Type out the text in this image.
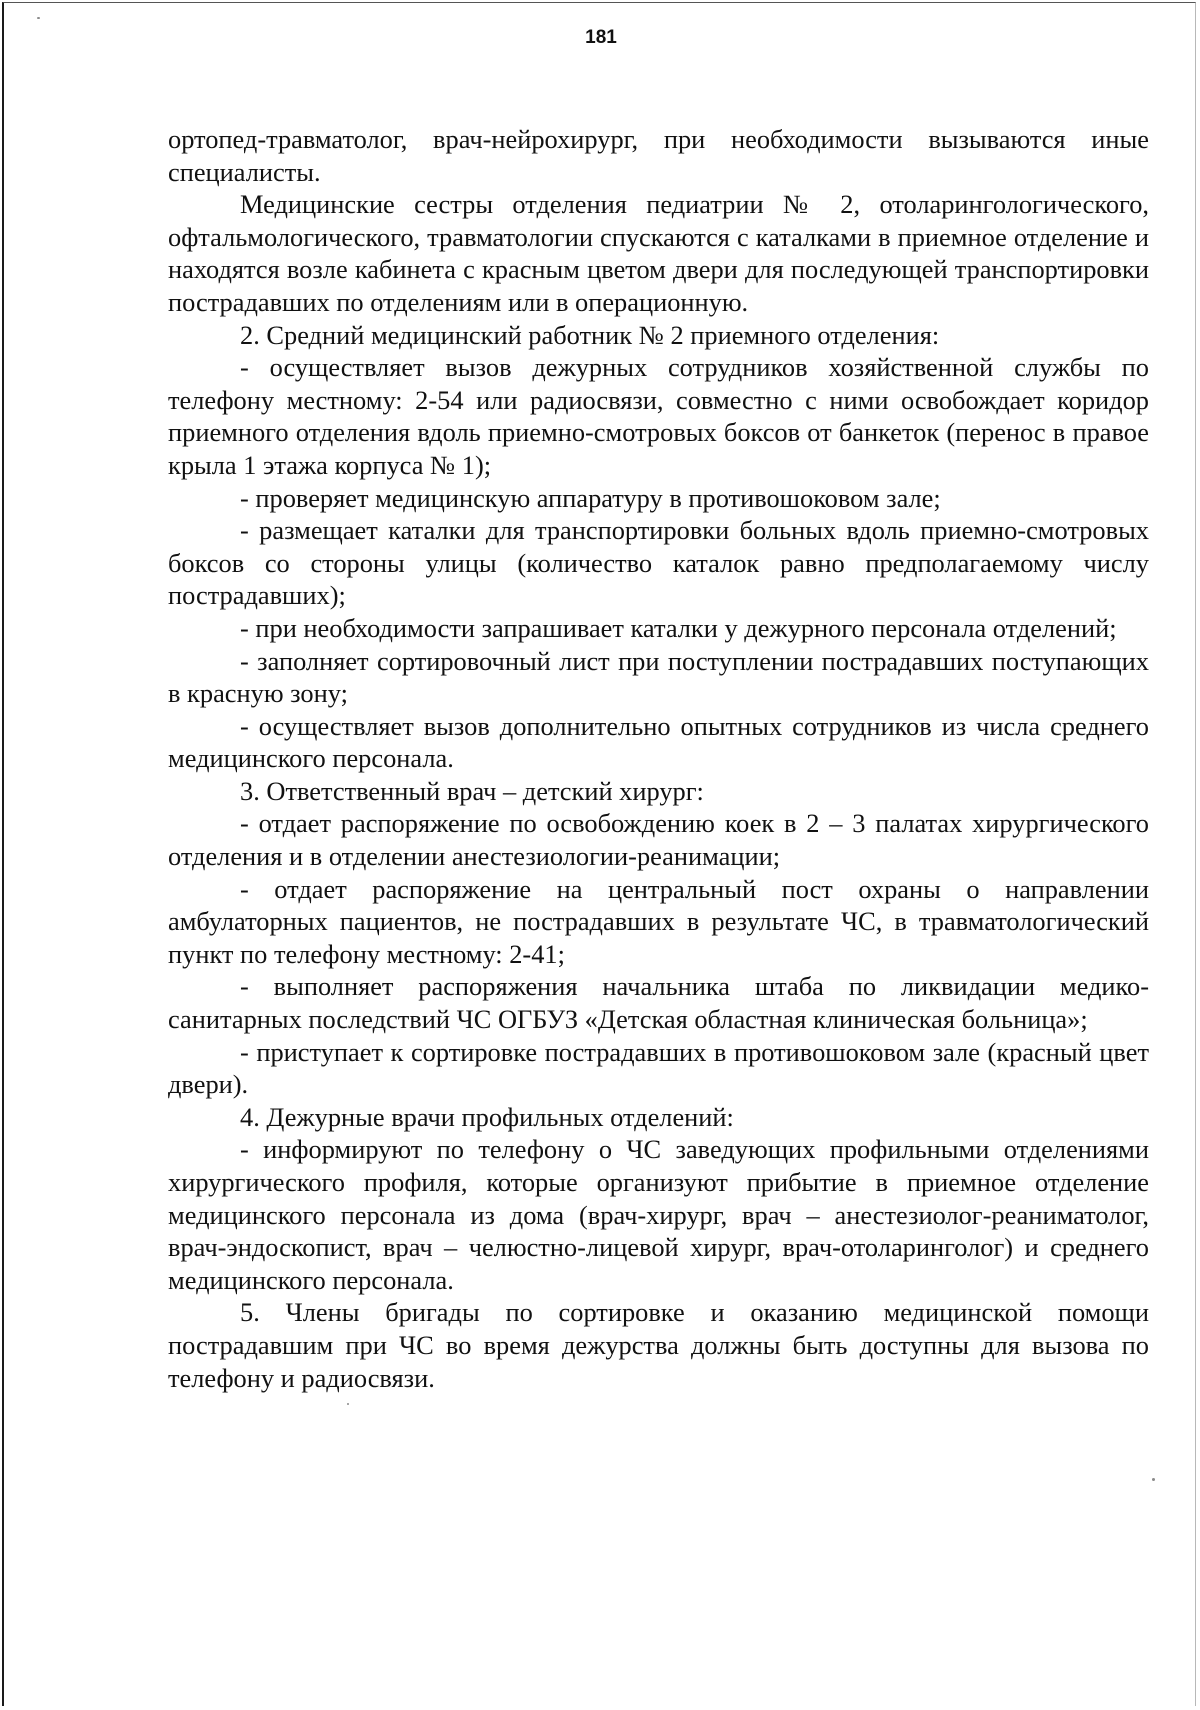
181

ортопед-травматолог, врач-нейрохирург, при необходимости вызываются иные специалисты.

Медицинские сестры отделения педиатрии № 2, отоларингологического, офтальмологического, травматологии спускаются с каталками в приемное отделение и находятся возле кабинета с красным цветом двери для последующей транспортировки пострадавших по отделениям или в операционную.

2. Средний медицинский работник № 2 приемного отделения:

- осуществляет вызов дежурных сотрудников хозяйственной службы по телефону местному: 2-54 или радиосвязи, совместно с ними освобождает коридор приемного отделения вдоль приемно-смотровых боксов от банкеток (перенос в правое крыла 1 этажа корпуса № 1);

- проверяет медицинскую аппаратуру в противошоковом зале;

- размещает каталки для транспортировки больных вдоль приемно-смотровых боксов со стороны улицы (количество каталок равно предполагаемому числу пострадавших);

- при необходимости запрашивает каталки у дежурного персонала отделений;

- заполняет сортировочный лист при поступлении пострадавших поступающих в красную зону;

- осуществляет вызов дополнительно опытных сотрудников из числа среднего медицинского персонала.

3. Ответственный врач – детский хирург:

- отдает распоряжение по освобождению коек в 2 – 3 палатах хирургического отделения и в отделении анестезиологии-реанимации;

- отдает распоряжение на центральный пост охраны о направлении амбулаторных пациентов, не пострадавших в результате ЧС, в травматологический пункт по телефону местному: 2-41;

- выполняет распоряжения начальника штаба по ликвидации медико-санитарных последствий ЧС ОГБУЗ «Детская областная клиническая больница»;

- приступает к сортировке пострадавших в противошоковом зале (красный цвет двери).

4. Дежурные врачи профильных отделений:

- информируют по телефону о ЧС заведующих профильными отделениями хирургического профиля, которые организуют прибытие в приемное отделение медицинского персонала из дома (врач-хирург, врач – анестезиолог-реаниматолог, врач-эндоскопист, врач – челюстно-лицевой хирург, врач-отоларинголог) и среднего медицинского персонала.

5. Члены бригады по сортировке и оказанию медицинской помощи пострадавшим при ЧС во время дежурства должны быть доступны для вызова по телефону и радиосвязи.
